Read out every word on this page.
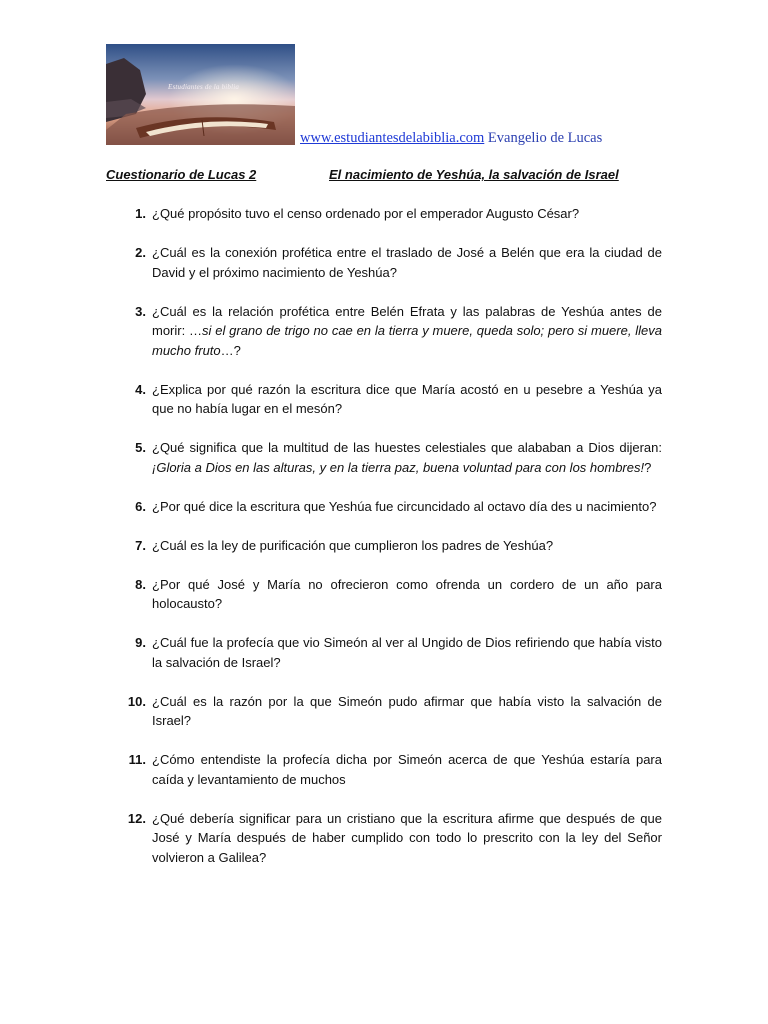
Estudiantes de la biblia
www.estudiantesdelabiblia.com Evangelio de Lucas
Cuestionario de Lucas 2	El nacimiento de Yeshúa, la salvación de Israel
1. ¿Qué propósito tuvo el censo ordenado por el emperador Augusto César?
2. ¿Cuál es la conexión profética entre el traslado de José a Belén que era la ciudad de David y el próximo nacimiento de Yeshúa?
3. ¿Cuál es la relación profética entre Belén Efrata y las palabras de Yeshúa antes de morir: …si el grano de trigo no cae en la tierra y muere, queda solo; pero si muere, lleva mucho fruto…?
4. ¿Explica por qué razón la escritura dice que María acostó en u pesebre a Yeshúa ya que no había lugar en el mesón?
5. ¿Qué significa que la multitud de las huestes celestiales que alababan a Dios dijeran: ¡Gloria a Dios en las alturas, y en la tierra paz, buena voluntad para con los hombres!?
6. ¿Por qué dice la escritura que Yeshúa fue circuncidado al octavo día des u nacimiento?
7. ¿Cuál es la ley de purificación que cumplieron los padres de Yeshúa?
8. ¿Por qué José y María no ofrecieron como ofrenda un cordero de un año para holocausto?
9. ¿Cuál fue la profecía que vio Simeón al ver al Ungido de Dios refiriendo que había visto la salvación de Israel?
10. ¿Cuál es la razón por la que Simeón pudo afirmar que había visto la salvación de Israel?
11. ¿Cómo entendiste la profecía dicha por Simeón acerca de que Yeshúa estaría para caída y levantamiento de muchos
12. ¿Qué debería significar para un cristiano que la escritura afirme que después de que José y María después de haber cumplido con todo lo prescrito con la ley del Señor volvieron a Galilea?
